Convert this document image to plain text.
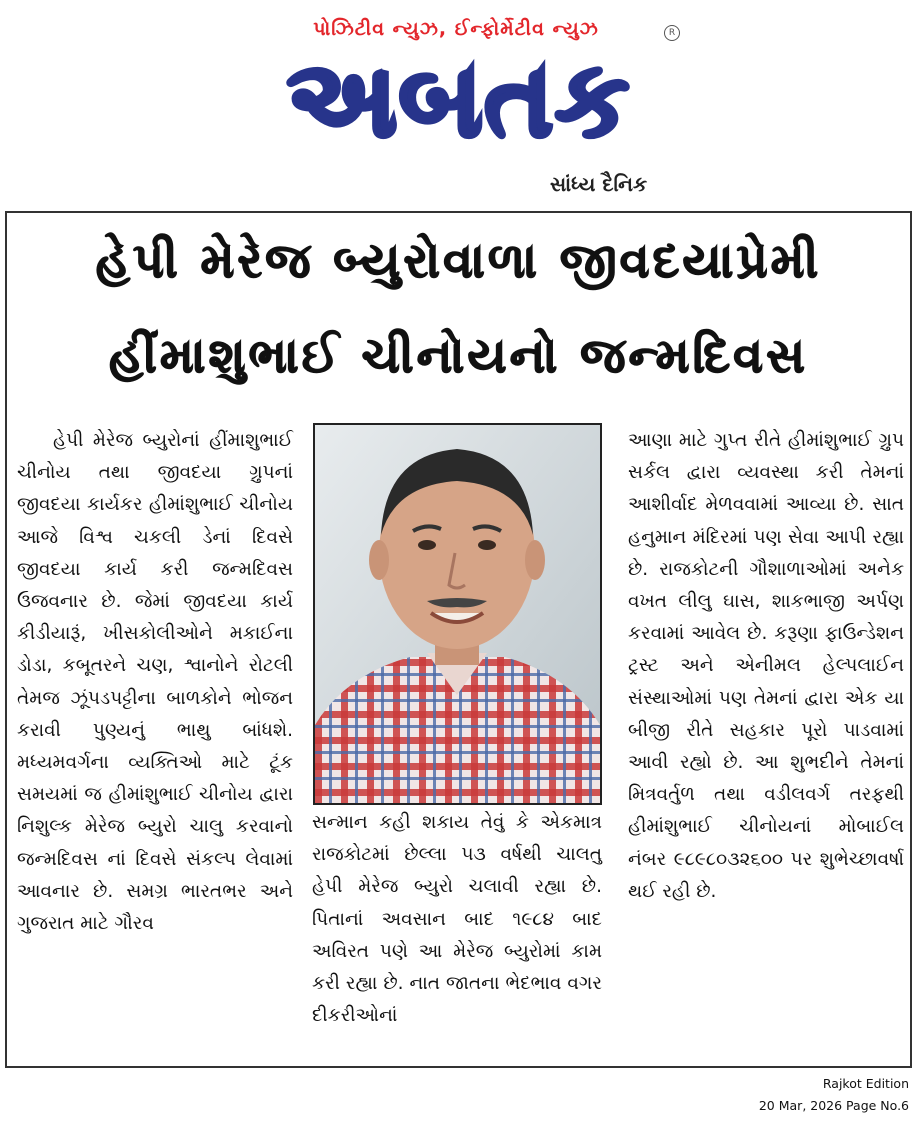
પોઝિટીવ ન્યુઝ, ઈન્ફોર્મેટીવ ન્યુઝ	R
અબતક
સાંધ્ય દૈનિક
હેપી મેરેજ બ્યુરોવાળા જીવદયાપ્રેમી
હીંમાશુભાઈ ચીનોયનો જન્મદિવસ
હેપી મેરેજ બ્યુરોનાં હીંમાશુભાઈ ચીનોય તથા જીવદયા ગ્રુપનાં જીવદયા કાર્યકર હીમાંશુભાઈ ચીનોય આજે વિશ્વ ચકલી ડેનાં દિવસે જીવદયા કાર્ય કરી જન્મદિવસ ઉજવનાર છે. જેમાં જીવદયા કાર્ય કીડીયારૂં, ખીસકોલીઓને મકાઈના ડોડા, કબૂતરને ચણ, શ્વાનોને રોટલી તેમજ ઝૂંપડપટ્ટીના બાળકોને ભોજન કરાવી પુણ્યનું ભાથુ બાંધશે. મધ્યમવર્ગના વ્યક્તિઓ માટે ટૂંક સમયમાં જ હીમાંશુભાઈ ચીનોય દ્વારા નિશુલ્ક મેરેજ બ્યુરો ચાલુ કરવાનો જન્મદિવસ નાં દિવસે સંકલ્પ લેવામાં આવનાર છે. સમગ્ર ભારતભર અને ગુજરાત માટે ગૌરવ
સન્માન કહી શકાય તેવું કે એકમાત્ર રાજકોટમાં છેલ્લા ૫૩ વર્ષથી ચાલતુ હેપી મેરેજ બ્યુરો ચલાવી રહ્યા છે. પિતાનાં અવસાન બાદ ૧૯૮૪ બાદ અવિરત પણે આ મેરેજ બ્યુરોમાં કામ કરી રહ્યા છે. નાત જાતના ભેદભાવ વગર દીકરીઓનાં
આણા માટે ગુપ્ત રીતે હીમાંશુભાઈ ગ્રુપ સર્કલ દ્વારા વ્યવસ્થા કરી તેમનાં આશીર્વાદ મેળવવામાં આવ્યા છે. સાત હનુમાન મંદિરમાં પણ સેવા આપી રહ્યા છે. રાજકોટની ગૌશાળાઓમાં અનેક વખત લીલુ ઘાસ, શાકભાજી અર્પણ કરવામાં આવેલ છે. કરૂણા ફાઉન્ડેશન ટ્રસ્ટ અને એનીમલ હેલ્પલાઈન સંસ્થાઓમાં પણ તેમનાં દ્વારા એક યા બીજી રીતે સહકાર પૂરો પાડવામાં આવી રહ્યો છે. આ શુભદીને તેમનાં મિત્રવર્તુળ તથા વડીલવર્ગ તરફથી હીમાંશુભાઈ ચીનોયનાં મોબાઈલ નંબર ૯૮૯૮૦૩૨૬૦૦ પર શુભેચ્છાવર્ષા થઈ રહી છે.
Rajkot Edition
20 Mar, 2026 Page No.6
